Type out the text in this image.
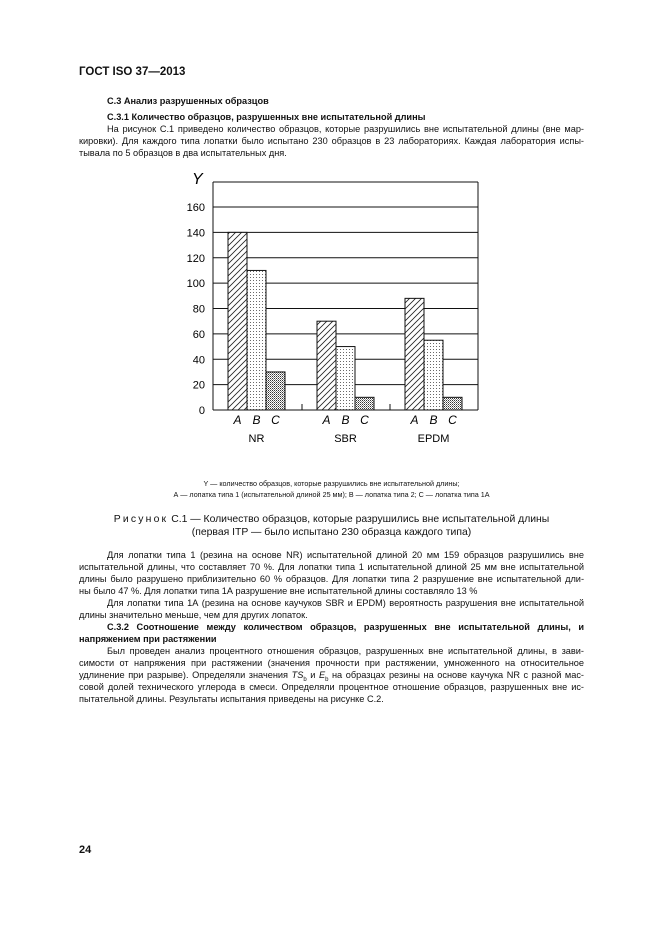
ГОСТ ISO 37—2013
С.3 Анализ разрушенных образцов
С.3.1 Количество образцов, разрушенных вне испытательной длины
На рисунок С.1 приведено количество образцов, которые разрушились вне испытательной длины (вне мар-
кировки). Для каждого типа лопатки было испытано 230 образцов в 23 лабораториях. Каждая лаборатория испы-
тывала по 5 образцов в два испытательных дня.
0
20
40
60
80
100
120
140
160
Y
A B C
NR
A B C
SBR
A B C
EPDM
Y — количество образцов, которые разрушились вне испытательной длины;
А — лопатка типа 1 (испытательной длиной 25 мм); В — лопатка типа 2; С — лопатка типа 1А
Рисунок С.1 — Количество образцов, которые разрушились вне испытательной длины
(первая ITP — было испытано 230 образца каждого типа)
Для лопатки типа 1 (резина на основе NR) испытательной длиной 20 мм 159 образцов разрушились вне
испытательной длины, что составляет 70 %. Для лопатки типа 1 испытательной длиной 25 мм вне испытательной
длины было разрушено приблизительно 60 % образцов. Для лопатки типа 2 разрушение вне испытательной дли-
ны было 47 %. Для лопатки типа 1А разрушение вне испытательной длины составляло 13 %
Для лопатки типа 1А (резина на основе каучуков SBR и EPDM) вероятность разрушения вне испытательной
длины значительно меньше, чем для других лопаток.
С.3.2 Соотношение между количеством образцов, разрушенных вне испытательной длины, и
напряжением при растяжении
Был проведен анализ процентного отношения образцов, разрушенных вне испытательной длины, в зави-
симости от напряжения при растяжении (значения прочности при растяжении, умноженного на относительное
удлинение при разрыве). Определяли значения $TS_b$ и $E_b$ на образцах резины на основе каучука NR с разной мас-
совой долей технического углерода в смеси. Определяли процентное отношение образцов, разрушенных вне ис-
пытательной длины. Результаты испытания приведены на рисунке С.2.
24
